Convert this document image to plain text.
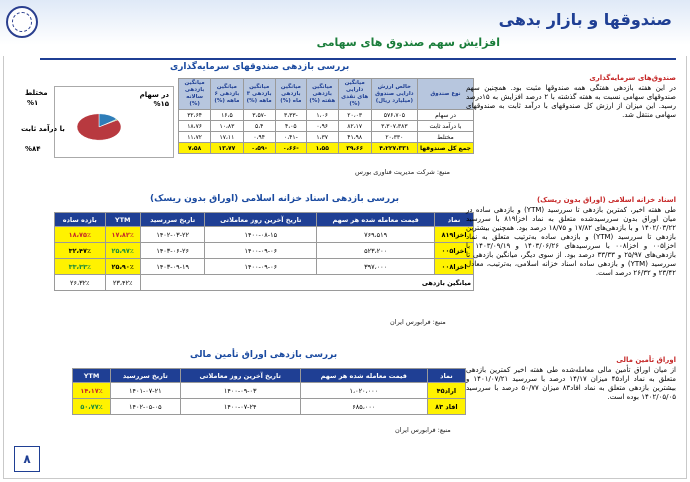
صندوقها و بازار بدهی
افزایش سهم صندوق های سهامی
بررسی بازدهی صندوقهای سرمایه‌گذاری
نوع صندوق	خالص ارزش دارایی صندوق (میلیارد ریال)	میانگین دارایی های نقدی (%)	میانگین بازدهی هفته (%)	میانگین بازدهی ماه (%)	میانگین بازدهی ۳ ماهه (%)	میانگین بازدهی ۶ ماهه (%)	میانگین بازدهی سالانه (%)
در سهام	۵۷۶،۷۰۵	۲۰،۰۳	۱،۰۶	-۳،۳۳	-۳،۵۷	۱۶،۵	۳۲،۶۴
با درآمد ثابت	۳،۳۰۷،۳۸۳	۸۲،۱۷	۰،۹۶	۴،۰۵	۵،۴	۱۰،۸۳	۱۸،۷۶
مختلط	۲۰،۳۳۰	۴۱،۹۸	۱،۳۷	-۰،۴۱	۰،۹۴	۱۷،۱۱	۱۱،۷۲
جمع کل صندوقها	۴،۲۲۷،۳۳۱	۳۹،۶۶	۱،۵۵	-۰،۶۶	-۰،۵۹	۱۳،۷۷	۷،۵۸
منبع: شرکت مدیریت فناوری بورس
در سهام
%۱۵
مختلط
%۱
با درآمد ثابت
%۸۴
بررسی بازدهی اسناد خزانه اسلامی (اوراق بدون ریسک)
نماد	قیمت معامله شده هر سهم	تاریخ آخرین روز معاملاتی	تاریخ سررسید	YTM	بازده ساده
اخزا۸۱۹	۷۶۹،۵۱۹	۱۴۰۰-۰۸-۱۵	۱۴۰۲-۰۳-۲۲	۱۷،۸۲٪	۱۸،۷۵٪
اخزا۰۰۵	۵۲۳،۲۰۰	۱۴۰۰-۰۹-۰۶	۱۴۰۳-۰۶-۲۶	۲۵،۹۷٪	۳۲،۴۷٪
اخزا۰۰۸	۳۹۷،۰۰۰	۱۴۰۰-۰۹-۰۶	۱۴۰۳-۰۹-۱۹	۲۵،۹۰٪	۳۳،۳۳٪
میانگین بازدهی				۲۳،۴۲٪	۲۶،۳۲٪
منبع: فرابورس ایران
بررسی بازدهی اوراق تأمین مالی
نماد	قیمت معامله شده هر سهم	تاریخ آخرین روز معاملاتی	تاریخ سررسید	YTM
اراد۴۵	۱،۰۲۰،۰۰۰	۱۴۰۰-۰۹-۰۳	۱۴۰۱-۰۷-۲۱	۱۴،۱۷٪
افاد ۸۳	۶۸۵،۰۰۰	۱۴۰۰-۰۷-۲۴	۱۴۰۲-۰۵-۰۵	۵۰،۷۷٪
منبع: فرابورس ایران
صندوق‌های سرمایه‌گذاری
در این هفته بازدهی هفتگی همه صندوقها مثبت بود. همچنین سهم صندوقهای سهامی نسبت به هفته گذشته با ۲ درصد افزایش به ۱۵درصد رسید. این میزان از ارزش کل صندوقهای با درآمد ثابت به صندوقهای سهامی منتقل شد.
اسناد خزانه اسلامی (اوراق بدون ریسک)
طی هفته اخیر، کمترین بازدهی تا سررسید (YTM) و بازدهی ساده در میان اوراق بدون سررسیدشده متعلق به نماد اخزا۸۱۹ با سررسید ۱۴۰۲/۰۳/۲۲ و با بازدهی‌های ۱۷/۸۲ و ۱۸/۷۵ درصد بود. همچنین بیشترین بازدهی تا سررسید (YTM) و بازدهی ساده به‌ترتیب متعلق به نماد اخزا۰۰۵ و اخزا۰۰۸ با سررسیدهای ۱۴۰۳/۰۶/۲۶ و ۱۴۰۳/۰۹/۱۹ با بازدهی‌های ۲۵/۹۷ و ۳۳/۳۳ درصد بود. از سوی دیگر، میانگین بازدهی تا سررسید (YTM) و بازدهی ساده اسناد خزانه اسلامی، به‌ترتیب، معادل ۲۳/۴۲ و ۲۶/۳۲ درصد است.
اوراق تأمین مالی
از میان اوراق تأمین مالی معامله‌شده طی هفته اخیر کمترین بازدهی متعلق به نماد اراد۴۵ میزان ۱۴/۱۷ درصد با سررسید ۱۴۰۱/۰۷/۲۱ و بیشترین بازدهی متعلق به نماد افاد۸۳ میزان ۵۰/۷۷ درصد با سررسید ۱۴۰۲/۰۵/۰۵ بوده است.
۸
